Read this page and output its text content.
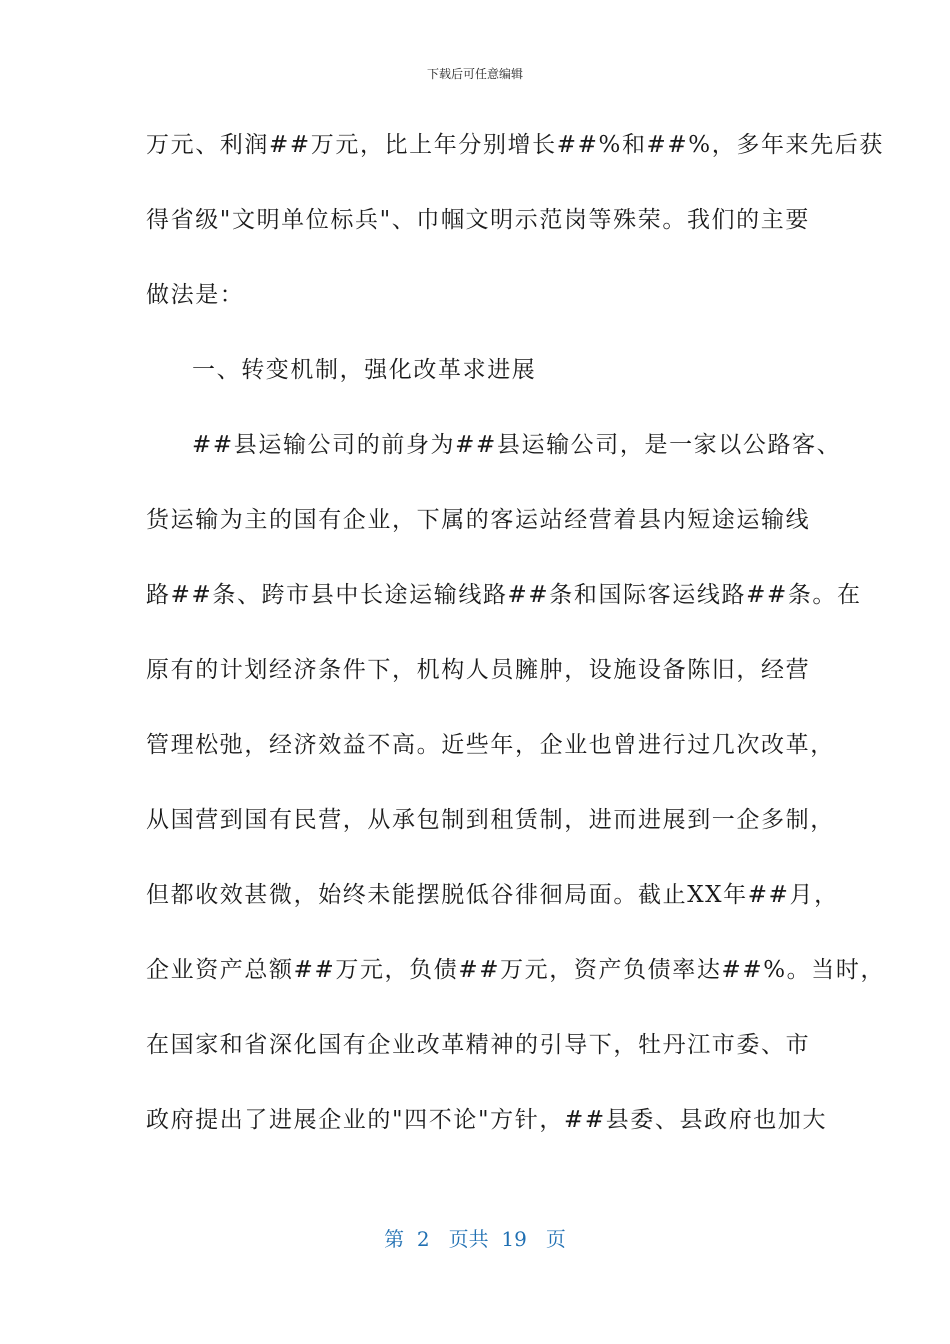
下载后可任意编辑
万元、利润##万元，比上年分别增长##%和##%，多年来先后获
得省级"文明单位标兵"、巾帼文明示范岗等殊荣。我们的主要
做法是：
一、转变机制，强化改革求进展
##县运输公司的前身为##县运输公司，是一家以公路客、
货运输为主的国有企业，下属的客运站经营着县内短途运输线
路##条、跨市县中长途运输线路##条和国际客运线路##条。在
原有的计划经济条件下，机构人员臃肿，设施设备陈旧，经营
管理松弛，经济效益不高。近些年，企业也曾进行过几次改革，
从国营到国有民营，从承包制到租赁制，进而进展到一企多制，
但都收效甚微，始终未能摆脱低谷徘徊局面。截止XX年##月，
企业资产总额##万元，负债##万元，资产负债率达##%。当时，
在国家和省深化国有企业改革精神的引导下，牡丹江市委、市
政府提出了进展企业的"四不论"方针，##县委、县政府也加大
第  2   页共  19   页
